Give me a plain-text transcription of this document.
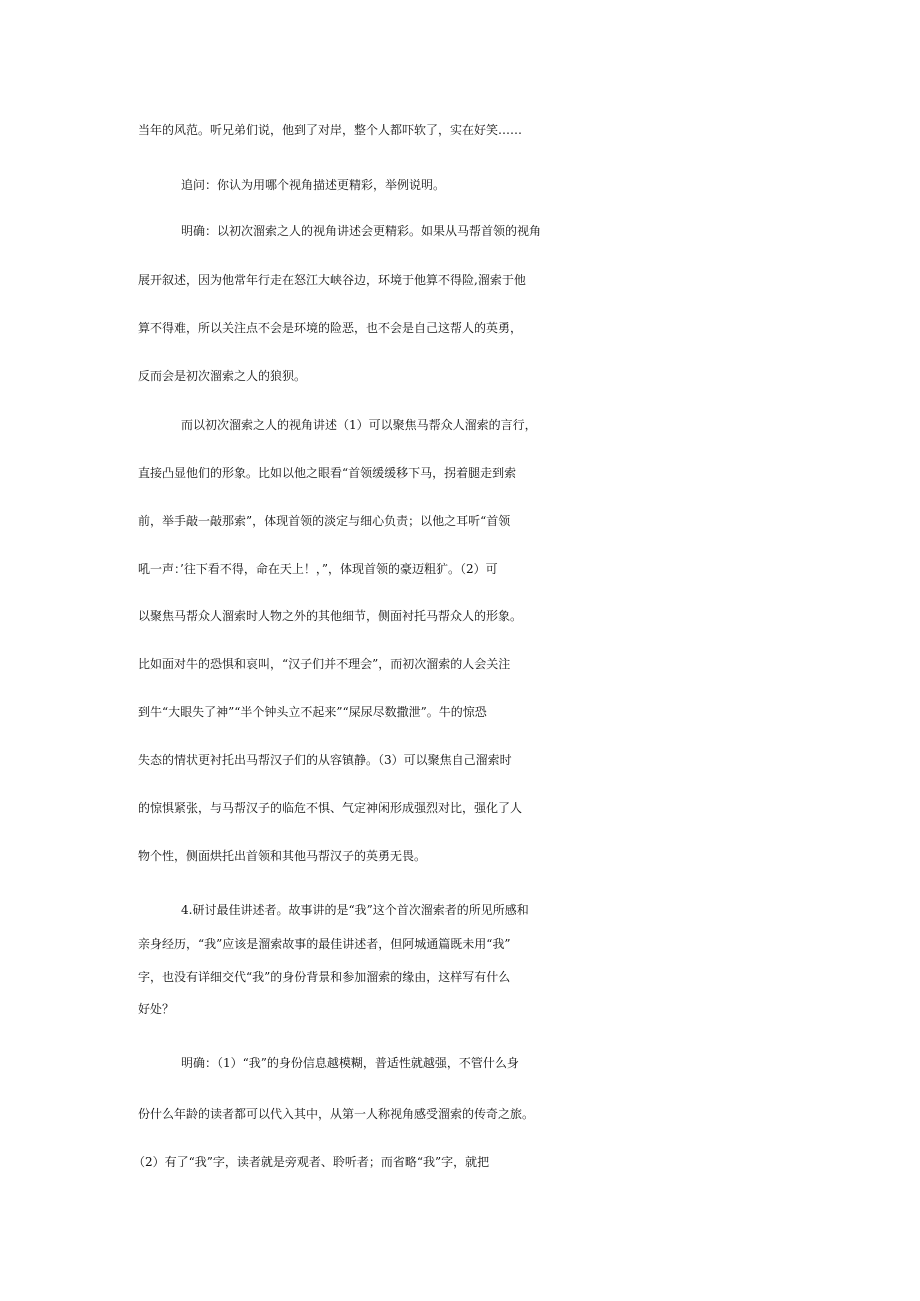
当年的风范。听兄弟们说，他到了对岸，整个人都吓软了，实在好笑……
追问：你认为用哪个视角描述更精彩，举例说明。
明确：以初次溜索之人的视角讲述会更精彩。如果从马帮首领的视角
展开叙述，因为他常年行走在怒江大峡谷边，环境于他算不得险,溜索于他
算不得难，所以关注点不会是环境的险恶，也不会是自己这帮人的英勇，
反而会是初次溜索之人的狼狈。
而以初次溜索之人的视角讲述（1）可以聚焦马帮众人溜索的言行，
直接凸显他们的形象。比如以他之眼看“首领缓缓移下马，拐着腿走到索
前，举手敲一敲那索”，体现首领的淡定与细心负责；以他之耳听“首领
吼一声：’往下看不得，命在天上！，”，体现首领的豪迈粗犷。（2）可
以聚焦马帮众人溜索时人物之外的其他细节，侧面衬托马帮众人的形象。
比如面对牛的恐惧和哀叫，“汉子们并不理会”，而初次溜索的人会关注
到牛“大眼失了神”“半个钟头立不起来”“屎尿尽数撒泄”。牛的惊恐
失态的情状更衬托出马帮汉子们的从容镇静。（3）可以聚焦自己溜索时
的惊惧紧张，与马帮汉子的临危不惧、气定神闲形成强烈对比，强化了人
物个性，侧面烘托出首领和其他马帮汉子的英勇无畏。
4.研讨最佳讲述者。故事讲的是“我”这个首次溜索者的所见所感和
亲身经历，“我”应该是溜索故事的最佳讲述者，但阿城通篇既未用“我”
字，也没有详细交代“我”的身份背景和参加溜索的缘由，这样写有什么
好处？
明确：（1）“我”的身份信息越模糊，普适性就越强，不管什么身
份什么年龄的读者都可以代入其中，从第一人称视角感受溜索的传奇之旅。
（2）有了“我”字，读者就是旁观者、聆听者；而省略“我”字，就把
